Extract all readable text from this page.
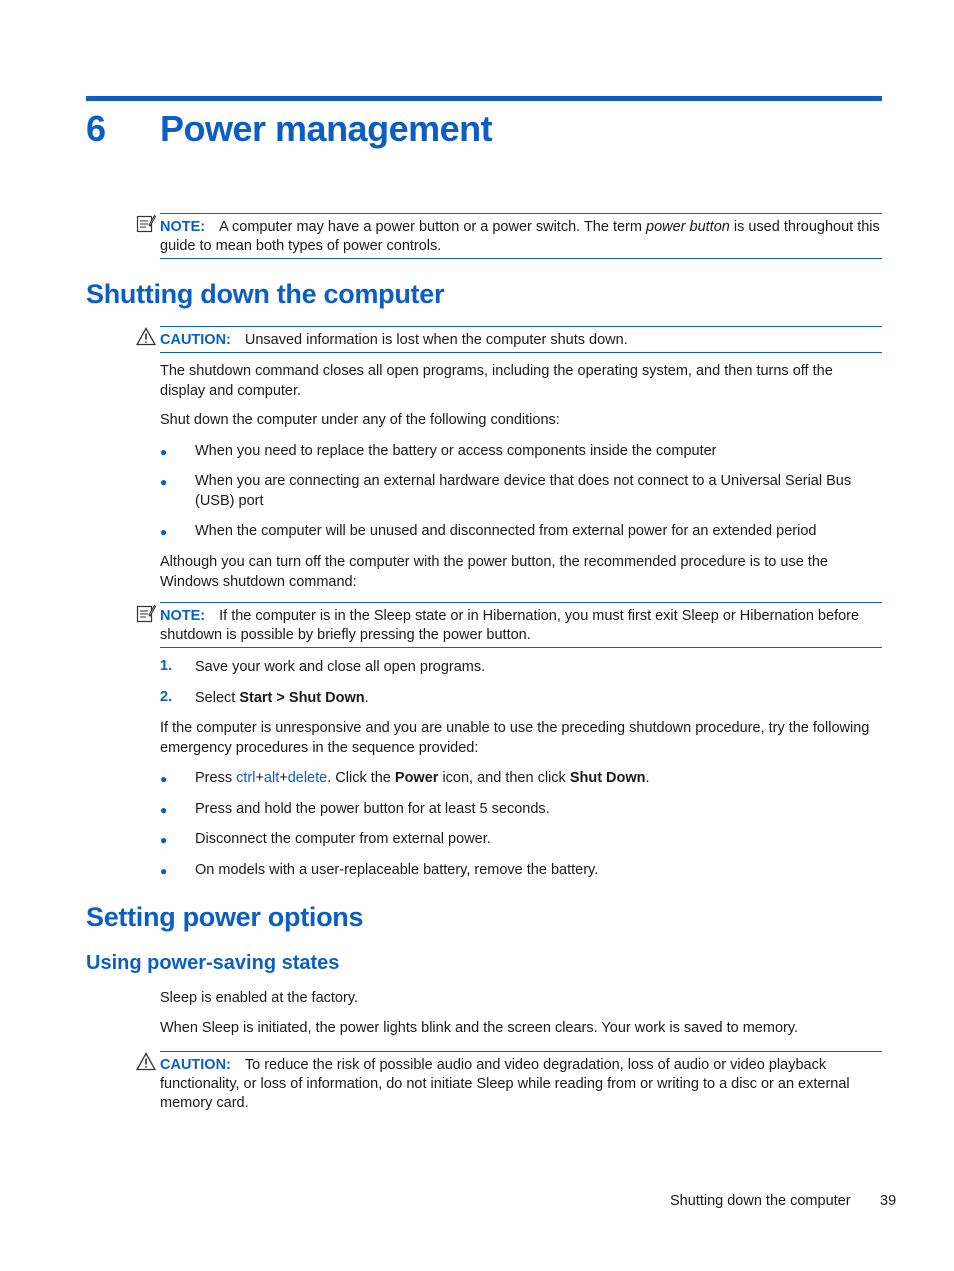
6 Power management
NOTE: A computer may have a power button or a power switch. The term power button is used throughout this guide to mean both types of power controls.
Shutting down the computer
CAUTION: Unsaved information is lost when the computer shuts down.
The shutdown command closes all open programs, including the operating system, and then turns off the display and computer.
Shut down the computer under any of the following conditions:
● When you need to replace the battery or access components inside the computer
● When you are connecting an external hardware device that does not connect to a Universal Serial Bus (USB) port
● When the computer will be unused and disconnected from external power for an extended period
Although you can turn off the computer with the power button, the recommended procedure is to use the Windows shutdown command:
NOTE: If the computer is in the Sleep state or in Hibernation, you must first exit Sleep or Hibernation before shutdown is possible by briefly pressing the power button.
1. Save your work and close all open programs.
2. Select Start > Shut Down.
If the computer is unresponsive and you are unable to use the preceding shutdown procedure, try the following emergency procedures in the sequence provided:
● Press ctrl+alt+delete. Click the Power icon, and then click Shut Down.
● Press and hold the power button for at least 5 seconds.
● Disconnect the computer from external power.
● On models with a user-replaceable battery, remove the battery.
Setting power options
Using power-saving states
Sleep is enabled at the factory.
When Sleep is initiated, the power lights blink and the screen clears. Your work is saved to memory.
CAUTION: To reduce the risk of possible audio and video degradation, loss of audio or video playback functionality, or loss of information, do not initiate Sleep while reading from or writing to a disc or an external memory card.
Shutting down the computer 39
